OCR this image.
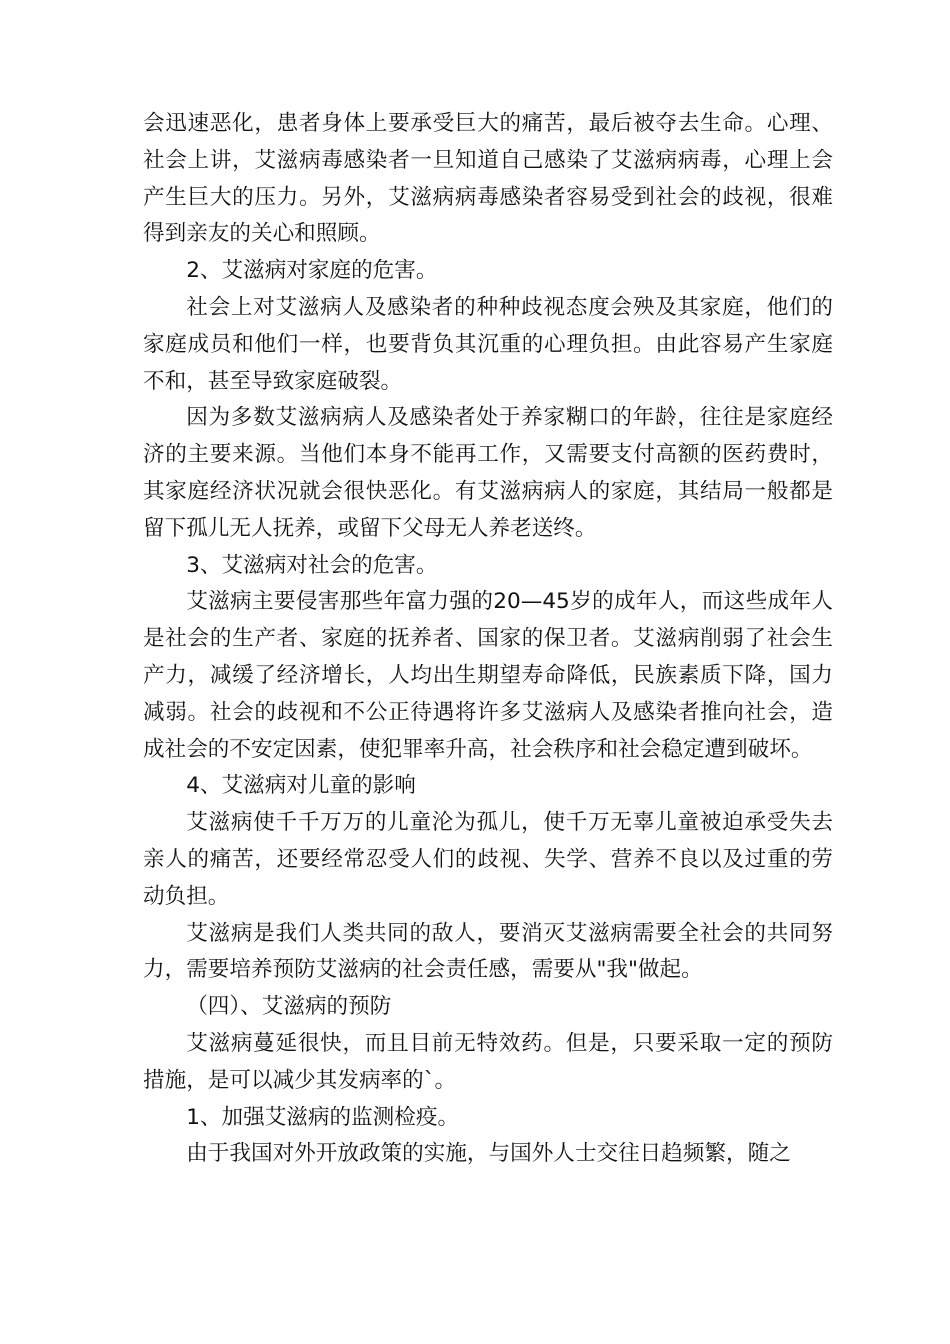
会迅速恶化，患者身体上要承受巨大的痛苦，最后被夺去生命。心理、社会上讲，艾滋病毒感染者一旦知道自己感染了艾滋病病毒，心理上会产生巨大的压力。另外，艾滋病病毒感染者容易受到社会的歧视，很难得到亲友的关心和照顾。

2、艾滋病对家庭的危害。

社会上对艾滋病人及感染者的种种歧视态度会殃及其家庭，他们的家庭成员和他们一样，也要背负其沉重的心理负担。由此容易产生家庭不和，甚至导致家庭破裂。

因为多数艾滋病病人及感染者处于养家糊口的年龄，往往是家庭经济的主要来源。当他们本身不能再工作，又需要支付高额的医药费时，其家庭经济状况就会很快恶化。有艾滋病病人的家庭，其结局一般都是留下孤儿无人抚养，或留下父母无人养老送终。

3、艾滋病对社会的危害。

艾滋病主要侵害那些年富力强的20—45岁的成年人，而这些成年人是社会的生产者、家庭的抚养者、国家的保卫者。艾滋病削弱了社会生产力，减缓了经济增长，人均出生期望寿命降低，民族素质下降，国力减弱。社会的歧视和不公正待遇将许多艾滋病人及感染者推向社会，造成社会的不安定因素，使犯罪率升高，社会秩序和社会稳定遭到破坏。

4、艾滋病对儿童的影响

艾滋病使千千万万的儿童沦为孤儿，使千万无辜儿童被迫承受失去亲人的痛苦，还要经常忍受人们的歧视、失学、营养不良以及过重的劳动负担。

艾滋病是我们人类共同的敌人，要消灭艾滋病需要全社会的共同努力，需要培养预防艾滋病的社会责任感，需要从"我"做起。

（四）、艾滋病的预防

艾滋病蔓延很快，而且目前无特效药。但是，只要采取一定的预防措施，是可以减少其发病率的`。

1、加强艾滋病的监测检疫。

由于我国对外开放政策的实施，与国外人士交往日趋频繁，随之
